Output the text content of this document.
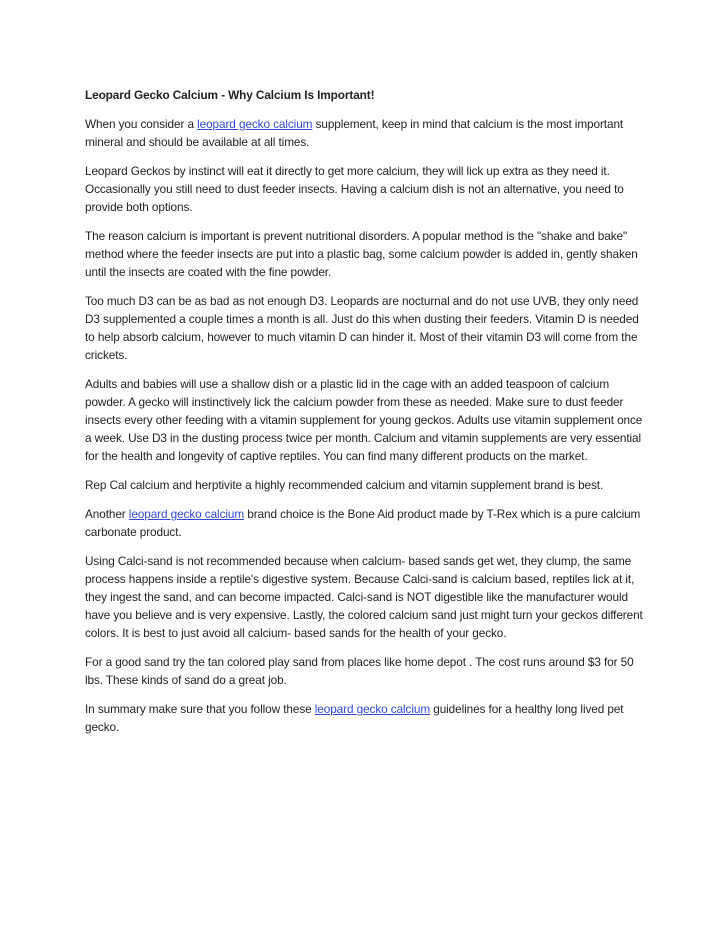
Leopard Gecko Calcium - Why Calcium Is Important!
When you consider a leopard gecko calcium supplement, keep in mind that calcium is the most important mineral and should be available at all times.
Leopard Geckos by instinct will eat it directly to get more calcium, they will lick up extra as they need it. Occasionally you still need to dust feeder insects. Having a calcium dish is not an alternative, you need to provide both options.
The reason calcium is important is prevent nutritional disorders. A popular method is the "shake and bake" method where the feeder insects are put into a plastic bag, some calcium powder is added in, gently shaken until the insects are coated with the fine powder.
Too much D3 can be as bad as not enough D3. Leopards are nocturnal and do not use UVB, they only need D3 supplemented a couple times a month is all. Just do this when dusting their feeders. Vitamin D is needed to help absorb calcium, however to much vitamin D can hinder it. Most of their vitamin D3 will come from the crickets.
Adults and babies will use a shallow dish or a plastic lid in the cage with an added teaspoon of calcium powder. A gecko will instinctively lick the calcium powder from these as needed. Make sure to dust feeder insects every other feeding with a vitamin supplement for young geckos. Adults use vitamin supplement once a week. Use D3 in the dusting process twice per month. Calcium and vitamin supplements are very essential for the health and longevity of captive reptiles. You can find many different products on the market.
Rep Cal calcium and herptivite a highly recommended calcium and vitamin supplement brand is best.
Another leopard gecko calcium brand choice is the Bone Aid product made by T-Rex which is a pure calcium carbonate product.
Using Calci-sand is not recommended because when calcium- based sands get wet, they clump, the same process happens inside a reptile's digestive system. Because Calci-sand is calcium based, reptiles lick at it, they ingest the sand, and can become impacted. Calci-sand is NOT digestible like the manufacturer would have you believe and is very expensive. Lastly, the colored calcium sand just might turn your geckos different colors. It is best to just avoid all calcium- based sands for the health of your gecko.
For a good sand try the tan colored play sand from places like home depot . The cost runs around $3 for 50 lbs. These kinds of sand do a great job.
In summary make sure that you follow these leopard gecko calcium guidelines for a healthy long lived pet gecko.
